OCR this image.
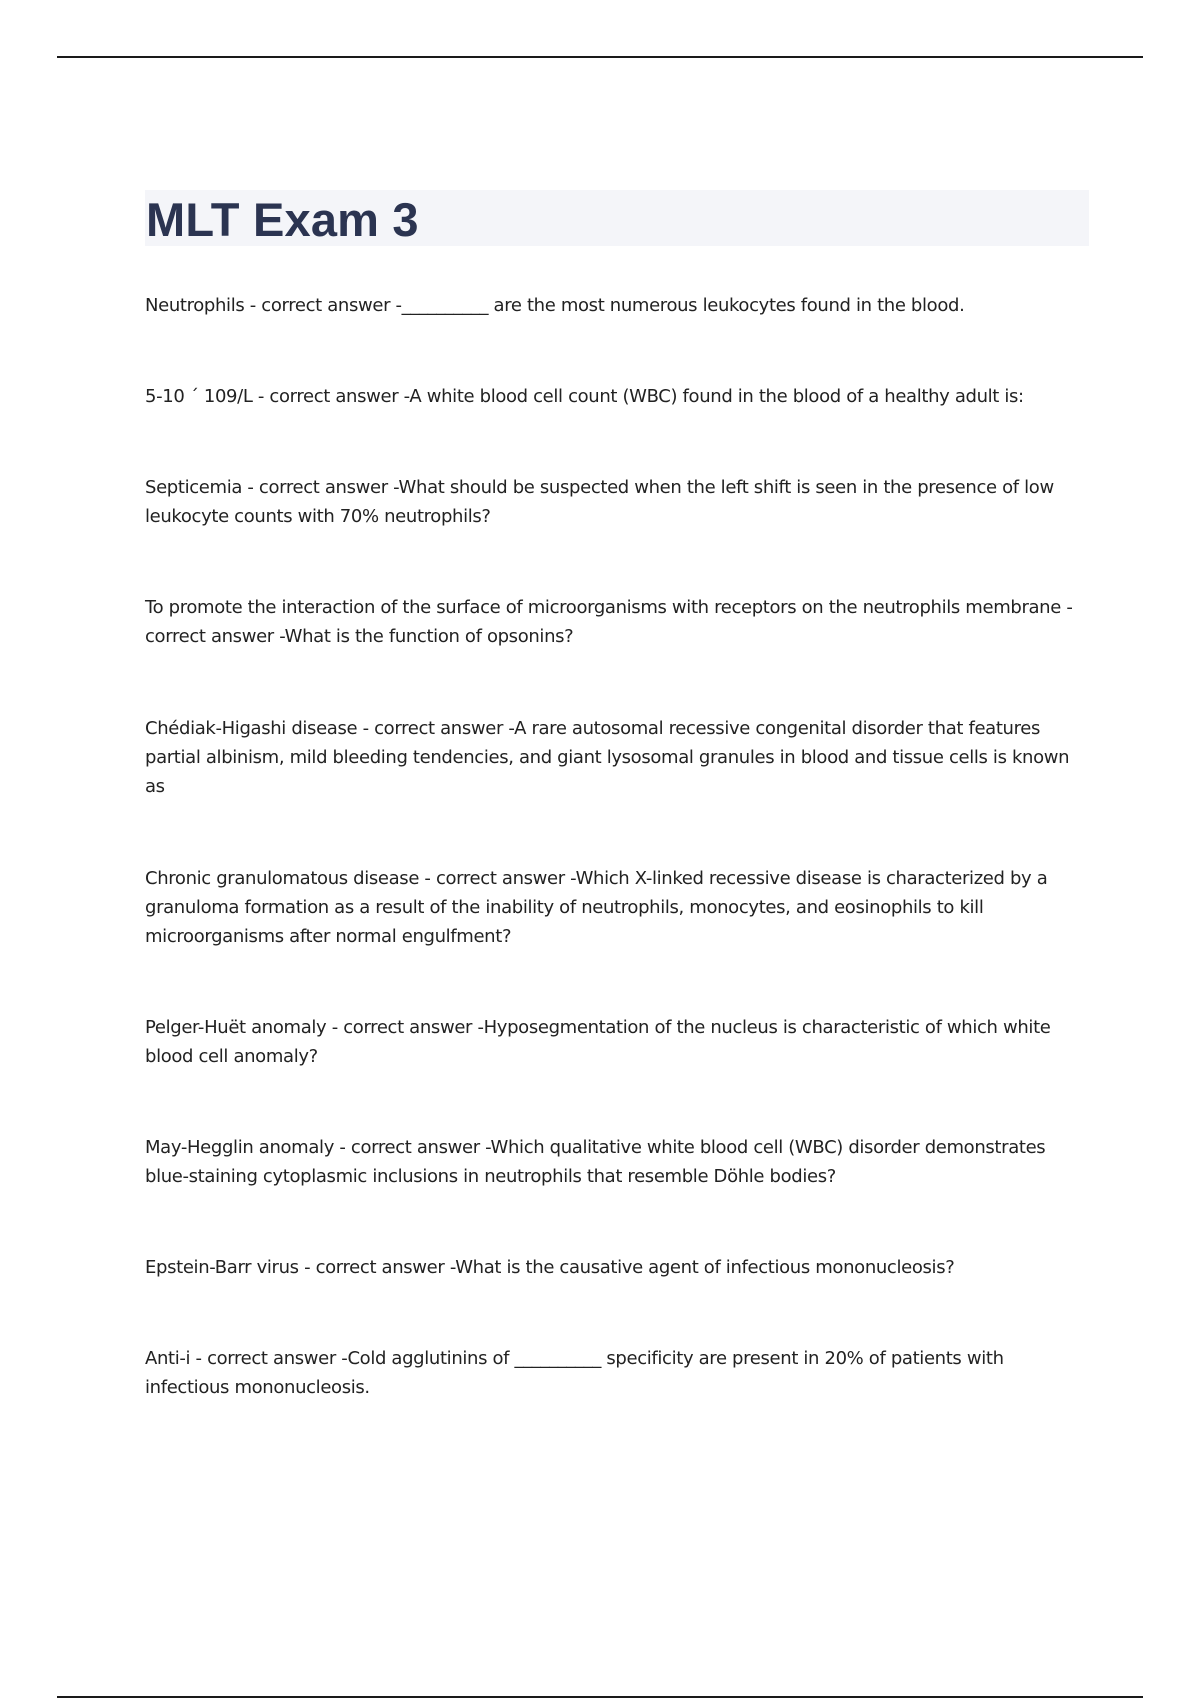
MLT Exam 3

Neutrophils - correct answer -__________ are the most numerous leukocytes found in the blood.

5-10 ´ 109/L - correct answer -A white blood cell count (WBC) found in the blood of a healthy adult is:

Septicemia - correct answer -What should be suspected when the left shift is seen in the presence of low leukocyte counts with 70% neutrophils?

To promote the interaction of the surface of microorganisms with receptors on the neutrophils membrane - correct answer -What is the function of opsonins?

Chédiak-Higashi disease - correct answer -A rare autosomal recessive congenital disorder that features partial albinism, mild bleeding tendencies, and giant lysosomal granules in blood and tissue cells is known as

Chronic granulomatous disease - correct answer -Which X-linked recessive disease is characterized by a granuloma formation as a result of the inability of neutrophils, monocytes, and eosinophils to kill microorganisms after normal engulfment?

Pelger-Huët anomaly - correct answer -Hyposegmentation of the nucleus is characteristic of which white blood cell anomaly?

May-Hegglin anomaly - correct answer -Which qualitative white blood cell (WBC) disorder demonstrates blue-staining cytoplasmic inclusions in neutrophils that resemble Döhle bodies?

Epstein-Barr virus - correct answer -What is the causative agent of infectious mononucleosis?

Anti-i - correct answer -Cold agglutinins of __________ specificity are present in 20% of patients with infectious mononucleosis.
